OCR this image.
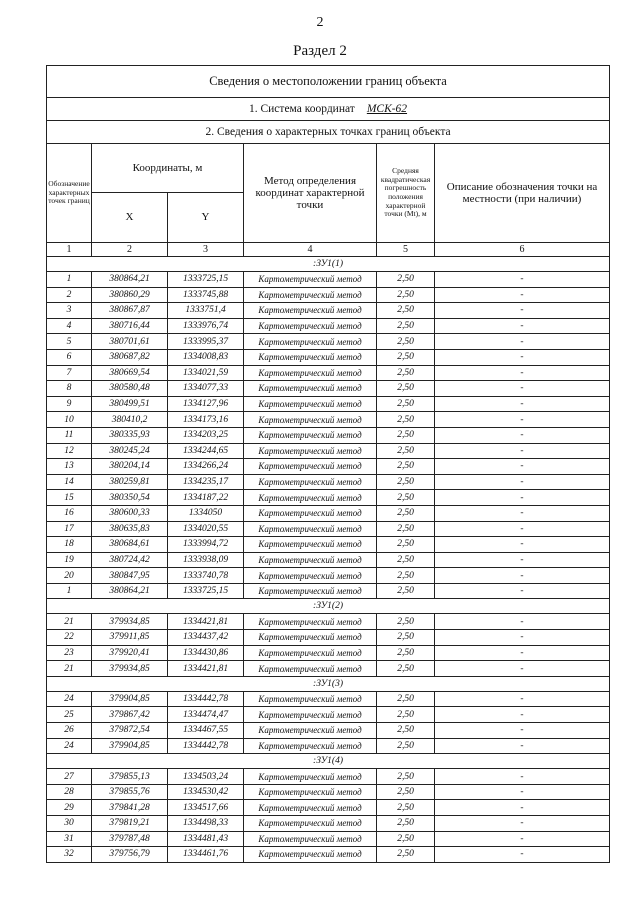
2
Раздел 2
Сведения о местоположении границ объекта					
1. Система координат МСК-62					
2. Сведения о характерных точках границ объекта					
Обозначение характерных точек границ	Координаты, м		Метод определения координат характерной точки	Средняя квадратическая погрешность положения характерной точки (Mt), м	Описание обозначения точки на местности (при наличии)
	X	Y			
1	2	3	4	5	6
:ЗУ1(1)					
1	380864,21	1333725,15	Картометрический метод	2,50	-
2	380860,29	1333745,88	Картометрический метод	2,50	-
3	380867,87	1333751,4	Картометрический метод	2,50	-
4	380716,44	1333976,74	Картометрический метод	2,50	-
5	380701,61	1333995,37	Картометрический метод	2,50	-
6	380687,82	1334008,83	Картометрический метод	2,50	-
7	380669,54	1334021,59	Картометрический метод	2,50	-
8	380580,48	1334077,33	Картометрический метод	2,50	-
9	380499,51	1334127,96	Картометрический метод	2,50	-
10	380410,2	1334173,16	Картометрический метод	2,50	-
11	380335,93	1334203,25	Картометрический метод	2,50	-
12	380245,24	1334244,65	Картометрический метод	2,50	-
13	380204,14	1334266,24	Картометрический метод	2,50	-
14	380259,81	1334235,17	Картометрический метод	2,50	-
15	380350,54	1334187,22	Картометрический метод	2,50	-
16	380600,33	1334050	Картометрический метод	2,50	-
17	380635,83	1334020,55	Картометрический метод	2,50	-
18	380684,61	1333994,72	Картометрический метод	2,50	-
19	380724,42	1333938,09	Картометрический метод	2,50	-
20	380847,95	1333740,78	Картометрический метод	2,50	-
1	380864,21	1333725,15	Картометрический метод	2,50	-
:ЗУ1(2)					
21	379934,85	1334421,81	Картометрический метод	2,50	-
22	379911,85	1334437,42	Картометрический метод	2,50	-
23	379920,41	1334430,86	Картометрический метод	2,50	-
21	379934,85	1334421,81	Картометрический метод	2,50	-
:ЗУ1(3)					
24	379904,85	1334442,78	Картометрический метод	2,50	-
25	379867,42	1334474,47	Картометрический метод	2,50	-
26	379872,54	1334467,55	Картометрический метод	2,50	-
24	379904,85	1334442,78	Картометрический метод	2,50	-
:ЗУ1(4)					
27	379855,13	1334503,24	Картометрический метод	2,50	-
28	379855,76	1334530,42	Картометрический метод	2,50	-
29	379841,28	1334517,66	Картометрический метод	2,50	-
30	379819,21	1334498,33	Картометрический метод	2,50	-
31	379787,48	1334481,43	Картометрический метод	2,50	-
32	379756,79	1334461,76	Картометрический метод	2,50	-
